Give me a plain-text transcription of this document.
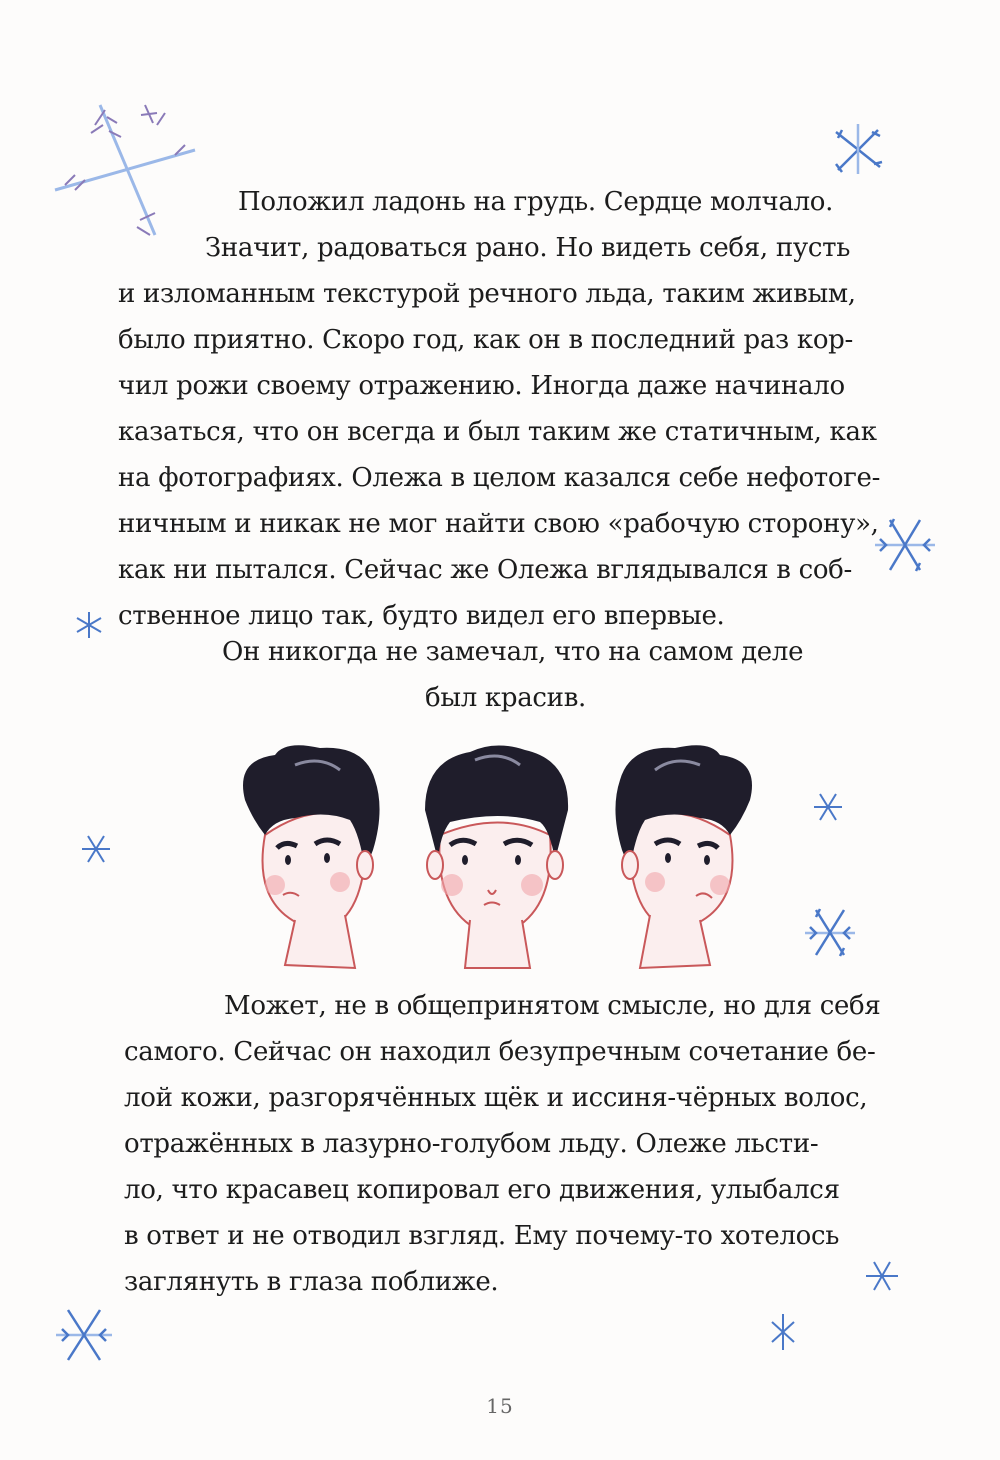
Положил ладонь на грудь. Сердце молчало.
Значит, радоваться рано. Но видеть себя, пусть
и изломанным текстурой речного льда, таким живым,
было приятно. Скоро год, как он в последний раз кор-
чил рожи своему отражению. Иногда даже начинало
казаться, что он всегда и был таким же статичным, как
на фотографиях. Олежа в целом казался себе нефотоге-
ничным и никак не мог найти свою «рабочую сторону»,
как ни пытался. Сейчас же Олежа вглядывался в соб-
ственное лицо так, будто видел его впервые.
Он никогда не замечал, что на самом деле
был красив.
Может, не в общепринятом смысле, но для себя
самого. Сейчас он находил безупречным сочетание бе-
лой кожи, разгорячённых щёк и иссиня-чёрных волос,
отражённых в лазурно-голубом льду. Олеже льсти-
ло, что красавец копировал его движения, улыбался
в ответ и не отводил взгляд. Ему почему-то хотелось
заглянуть в глаза поближе.
15
